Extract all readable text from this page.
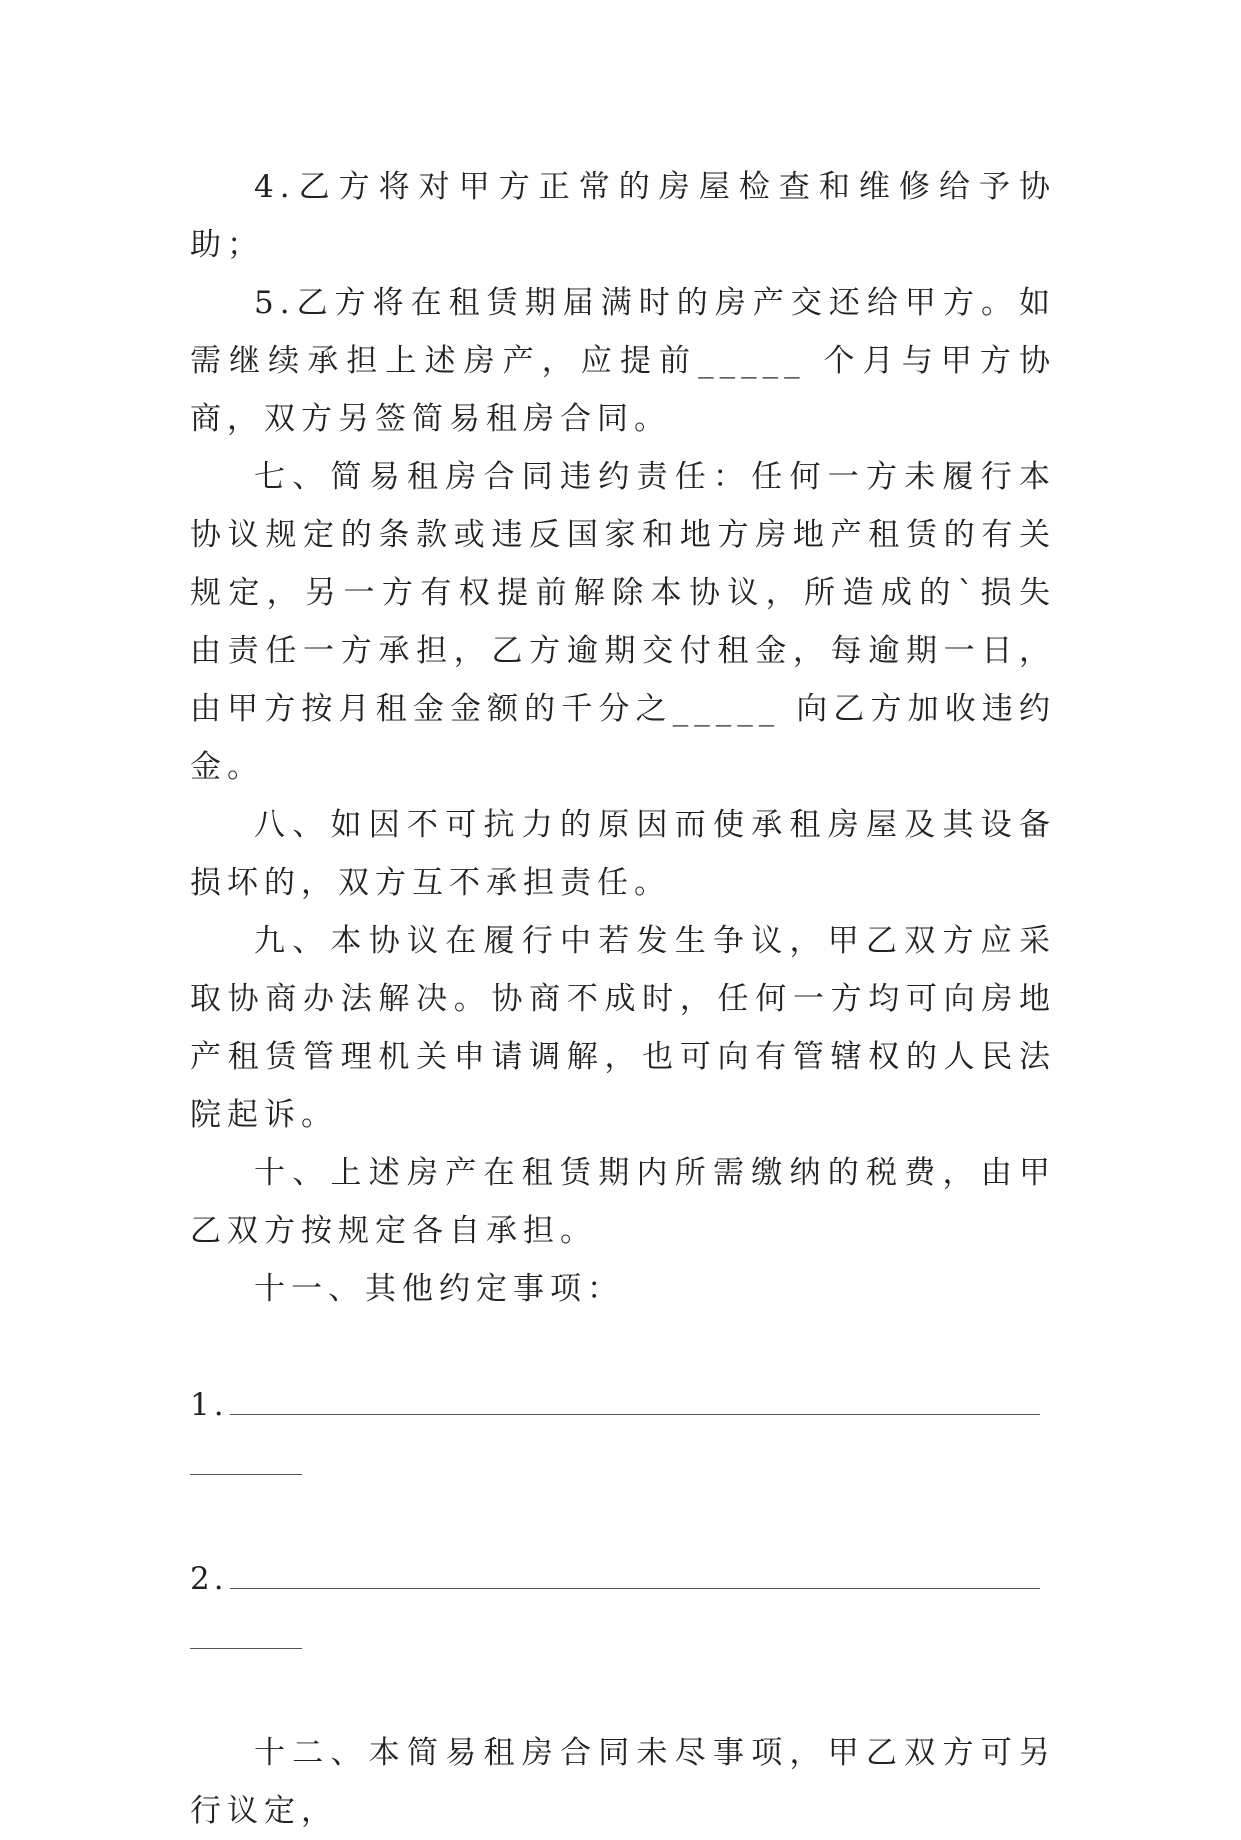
4.乙方将对甲方正常的房屋检查和维修给予协助；

5.乙方将在租赁期届满时的房产交还给甲方。如需继续承担上述房产，应提前_____ 个月与甲方协商，双方另签简易租房合同。

七、简易租房合同违约责任：任何一方未履行本协议规定的条款或违反国家和地方房地产租赁的有关规定，另一方有权提前解除本协议，所造成的`损失由责任一方承担，乙方逾期交付租金，每逾期一日，由甲方按月租金金额的千分之_____ 向乙方加收违约金。

八、如因不可抗力的原因而使承租房屋及其设备损坏的，双方互不承担责任。

九、本协议在履行中若发生争议，甲乙双方应采取协商办法解决。协商不成时，任何一方均可向房地产租赁管理机关申请调解，也可向有管辖权的人民法院起诉。

十、上述房产在租赁期内所需缴纳的税费，由甲乙双方按规定各自承担。

十一、其他约定事项：

1.
2.

十二、本简易租房合同未尽事项，甲乙双方可另行议定，
